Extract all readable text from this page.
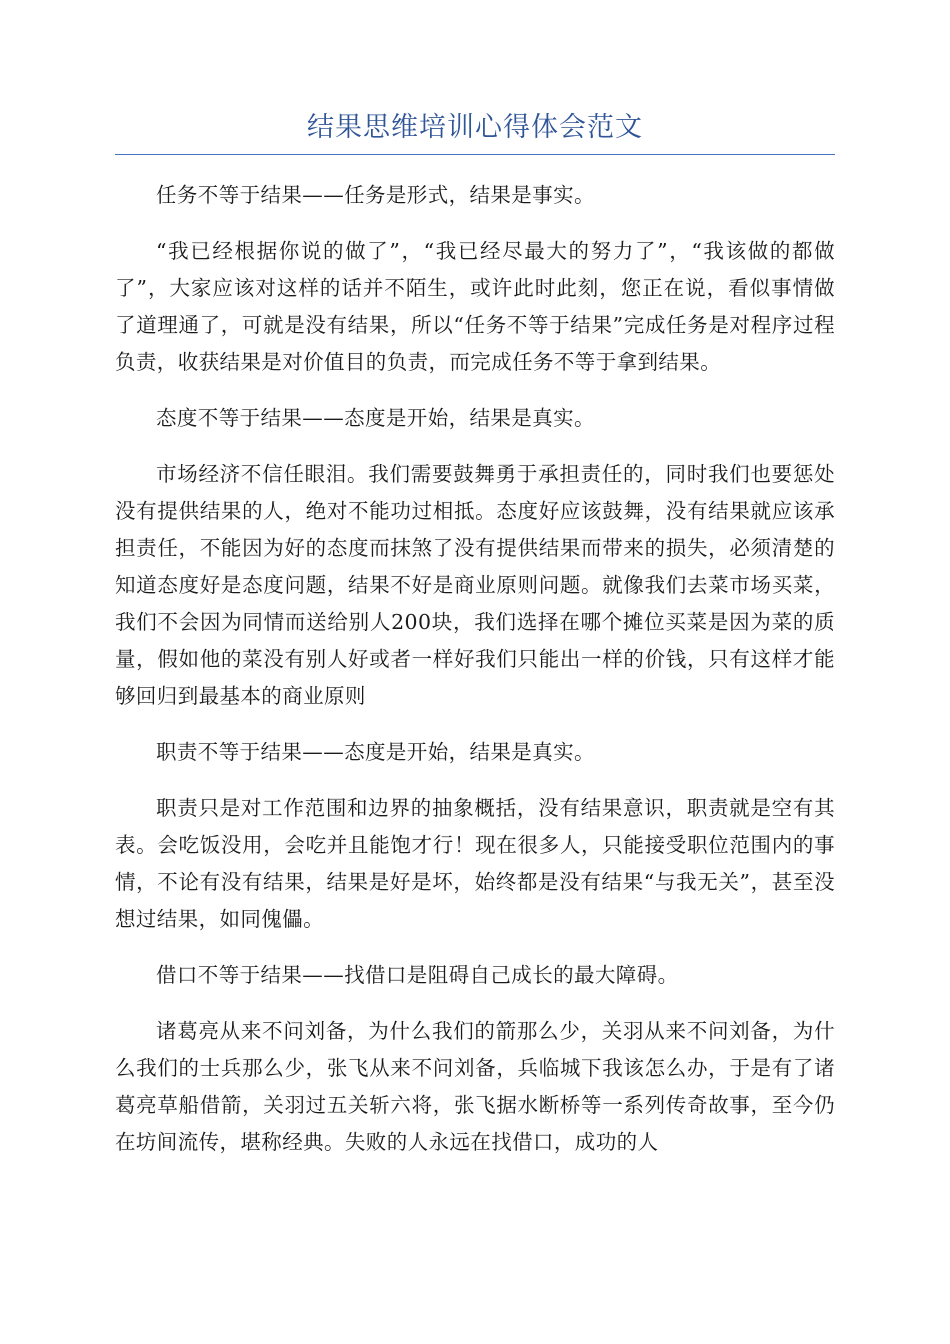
结果思维培训心得体会范文

任务不等于结果——任务是形式，结果是事实。

“我已经根据你说的做了”，“我已经尽最大的努力了”，“我该做的都做了”，大家应该对这样的话并不陌生，或许此时此刻，您正在说，看似事情做了道理通了，可就是没有结果，所以“任务不等于结果”完成任务是对程序过程负责，收获结果是对价值目的负责，而完成任务不等于拿到结果。

态度不等于结果——态度是开始，结果是真实。

市场经济不信任眼泪。我们需要鼓舞勇于承担责任的，同时我们也要惩处没有提供结果的人，绝对不能功过相抵。态度好应该鼓舞，没有结果就应该承担责任，不能因为好的态度而抹煞了没有提供结果而带来的损失，必须清楚的知道态度好是态度问题，结果不好是商业原则问题。就像我们去菜市场买菜，我们不会因为同情而送给别人200块，我们选择在哪个摊位买菜是因为菜的质量，假如他的菜没有别人好或者一样好我们只能出一样的价钱，只有这样才能够回归到最基本的商业原则

职责不等于结果——态度是开始，结果是真实。

职责只是对工作范围和边界的抽象概括，没有结果意识，职责就是空有其表。会吃饭没用，会吃并且能饱才行！现在很多人，只能接受职位范围内的事情，不论有没有结果，结果是好是坏，始终都是没有结果“与我无关”，甚至没想过结果，如同傀儡。

借口不等于结果——找借口是阻碍自己成长的最大障碍。

诸葛亮从来不问刘备，为什么我们的箭那么少，关羽从来不问刘备，为什么我们的士兵那么少，张飞从来不问刘备，兵临城下我该怎么办，于是有了诸葛亮草船借箭，关羽过五关斩六将，张飞据水断桥等一系列传奇故事，至今仍在坊间流传，堪称经典。失败的人永远在找借口，成功的人
